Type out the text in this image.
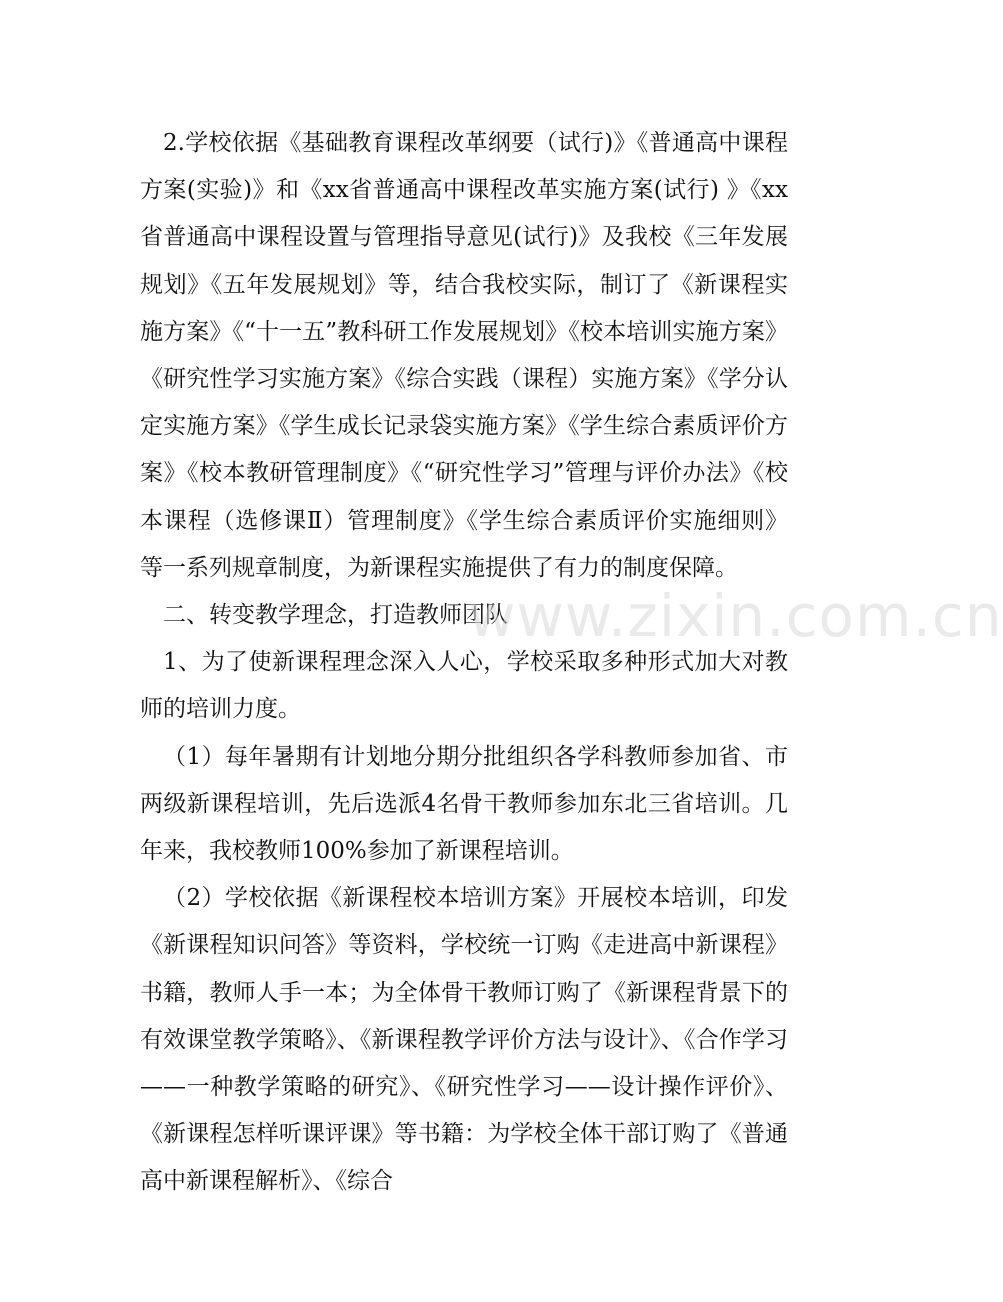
2.学校依据《基础教育课程改革纲要（试行)》《普通高中课程方案(实验)》和《xx省普通高中课程改革实施方案(试行) 》《xx省普通高中课程设置与管理指导意见(试行)》及我校《三年发展规划》《五年发展规划》等，结合我校实际，制订了《新课程实施方案》《“十一五”教科研工作发展规划》《校本培训实施方案》《研究性学习实施方案》《综合实践（课程）实施方案》《学分认定实施方案》《学生成长记录袋实施方案》《学生综合素质评价方案》《校本教研管理制度》《“研究性学习”管理与评价办法》《校本课程（选修课Ⅱ）管理制度》《学生综合素质评价实施细则》等一系列规章制度，为新课程实施提供了有力的制度保障。

二、转变教学理念，打造教师团队

1、为了使新课程理念深入人心，学校采取多种形式加大对教师的培训力度。

（1）每年暑期有计划地分期分批组织各学科教师参加省、市两级新课程培训，先后选派4名骨干教师参加东北三省培训。几年来，我校教师100%参加了新课程培训。

（2）学校依据《新课程校本培训方案》开展校本培训，印发《新课程知识问答》等资料，学校统一订购《走进高中新课程》书籍，教师人手一本；为全体骨干教师订购了《新课程背景下的有效课堂教学策略》、《新课程教学评价方法与设计》、《合作学习——一种教学策略的研究》、《研究性学习——设计操作评价》、《新课程怎样听课评课》等书籍：为学校全体干部订购了《普通高中新课程解析》、《综合

www.zixin.com.cn
